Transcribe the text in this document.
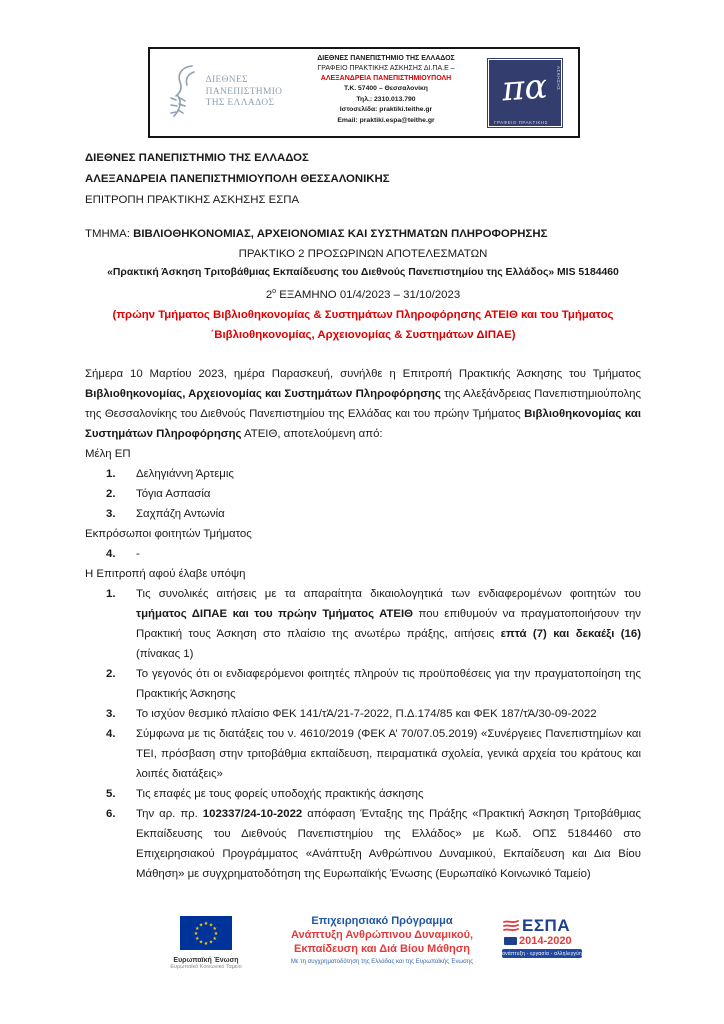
ΔΙΕΘΝΕΣ
ΠΑΝΕΠΙΣΤΗΜΙΟ
ΤΗΣ ΕΛΛΑΔΟΣ
ΔΙΕΘΝΕΣ ΠΑΝΕΠΙΣΤΗΜΙΟ ΤΗΣ ΕΛΛΑΔΟΣ
ΓΡΑΦΕΙΟ ΠΡΑΚΤΙΚΗΣ ΑΣΚΗΣΗΣ ΔΙ.ΠΑ.Ε –
ΑΛΕΞΑΝΔΡΕΙΑ ΠΑΝΕΠΙΣΤΗΜΙΟΥΠΟΛΗ
Τ.Κ. 57400 – Θεσσαλονίκη
Τηλ.: 2310.013.790
Ιστοσελίδα: praktiki.teithe.gr
Email: praktiki.espa@teithe.gr
πα ΑΣΚΗΣΗΣ
ΓΡΑΦΕΙΟ ΠΡΑΚΤΙΚΗΣ
ΔΙΕΘΝΕΣ ΠΑΝΕΠΙΣΤΗΜΙΟ ΤΗΣ ΕΛΛΑΔΟΣ
ΑΛΕΞΑΝΔΡΕΙΑ ΠΑΝΕΠΙΣΤΗΜΙΟΥΠΟΛΗ ΘΕΣΣΑΛΟΝΙΚΗΣ
ΕΠΙΤΡΟΠΗ ΠΡΑΚΤΙΚΗΣ ΑΣΚΗΣΗΣ ΕΣΠΑ
ΤΜΗΜΑ: ΒΙΒΛΙΟΘΗΚΟΝΟΜΙΑΣ, ΑΡΧΕΙΟΝΟΜΙΑΣ ΚΑΙ ΣΥΣΤΗΜΑΤΩΝ ΠΛΗΡΟΦΟΡΗΣΗΣ
ΠΡΑΚΤΙΚΟ 2 ΠΡΟΣΩΡΙΝΩΝ ΑΠΟΤΕΛΕΣΜΑΤΩΝ
«Πρακτική Άσκηση Τριτοβάθμιας Εκπαίδευσης του Διεθνούς Πανεπιστημίου της Ελλάδος» MIS 5184460
$2^o$ ΕΞΑΜΗΝΟ 01/4/2023 – 31/10/2023
(πρώην Τμήματος Βιβλιοθηκονομίας & Συστημάτων Πληροφόρησης ΑΤΕΙΘ και του Τμήματος
΄Βιβλιοθηκονομίας, Αρχειονομίας & Συστημάτων ΔΙΠΑΕ)
Σήμερα 10 Μαρτίου 2023, ημέρα Παρασκευή, συνήλθε η Επιτροπή Πρακτικής Άσκησης του Τμήματος Βιβλιοθηκονομίας, Αρχειονομίας και Συστημάτων Πληροφόρησης της Αλεξάνδρειας Πανεπιστημιούπολης της Θεσσαλονίκης του Διεθνούς Πανεπιστημίου της Ελλάδας και του πρώην Τμήματος Βιβλιοθηκονομίας και Συστημάτων Πληροφόρησης ΑΤΕΙΘ, αποτελούμενη από:
Μέλη ΕΠ
1.	Δεληγιάννη Άρτεμις
2.	Τόγια Ασπασία
3.	Σαχπάζη Αντωνία
Εκπρόσωποι φοιτητών Τμήματος
4.	-
Η Επιτροπή αφού έλαβε υπόψη
1.	Τις συνολικές αιτήσεις με τα απαραίτητα δικαιολογητικά των ενδιαφερομένων φοιτητών του τμήματος ΔΙΠΑΕ και του πρώην Τμήματος ΑΤΕΙΘ που επιθυμούν να πραγματοποιήσουν την Πρακτική τους Άσκηση στο πλαίσιο της ανωτέρω πράξης, αιτήσεις επτά (7) και δεκαέξι (16) (πίνακας 1)
2.	Το γεγονός ότι οι ενδιαφερόμενοι φοιτητές πληρούν τις προϋποθέσεις για την πραγματοποίηση της Πρακτικής Άσκησης
3.	Το ισχύον θεσμικό πλαίσιο ΦΕΚ 141/τΆ/21-7-2022, Π.Δ.174/85 και ΦΕΚ 187/τΆ/30-09-2022
4.	Σύμφωνα με τις διατάξεις του ν. 4610/2019 (ΦΕΚ Α’ 70/07.05.2019) «Συνέργειες Πανεπιστημίων και ΤΕΙ, πρόσβαση στην τριτοβάθμια εκπαίδευση, πειραματικά σχολεία, γενικά αρχεία του κράτους και λοιπές διατάξεις»
5.	Τις επαφές με τους φορείς υποδοχής πρακτικής άσκησης
6.	Την αρ. πρ. 102337/24-10-2022 απόφαση Ένταξης της Πράξης «Πρακτική Άσκηση Τριτοβάθμιας Εκπαίδευσης του Διεθνούς Πανεπιστημίου της Ελλάδος» με Κωδ. ΟΠΣ 5184460 στο Επιχειρησιακού Προγράμματος «Ανάπτυξη Ανθρώπινου Δυναμικού, Εκπαίδευση και Δια Βίου Μάθηση» με συγχρηματοδότηση της Ευρωπαϊκής Ένωσης (Ευρωπαϊκό Κοινωνικό Ταμείο)
★ ★
★
★
★
★
★
★
★
★
★
★
Ευρωπαϊκή Ένωση
Ευρωπαϊκό Κοινωνικό Ταμείο
Επιχειρησιακό Πρόγραμμα
Ανάπτυξη Ανθρώπινου Δυναμικού,
Εκπαίδευση και Διά Βίου Μάθηση
Με τη συγχρηματοδότηση της Ελλάδας και της Ευρωπαϊκής Ένωσης
ΕΣΠΑ
2014-2020
ανάπτυξη - εργασία - αλληλεγγύη
